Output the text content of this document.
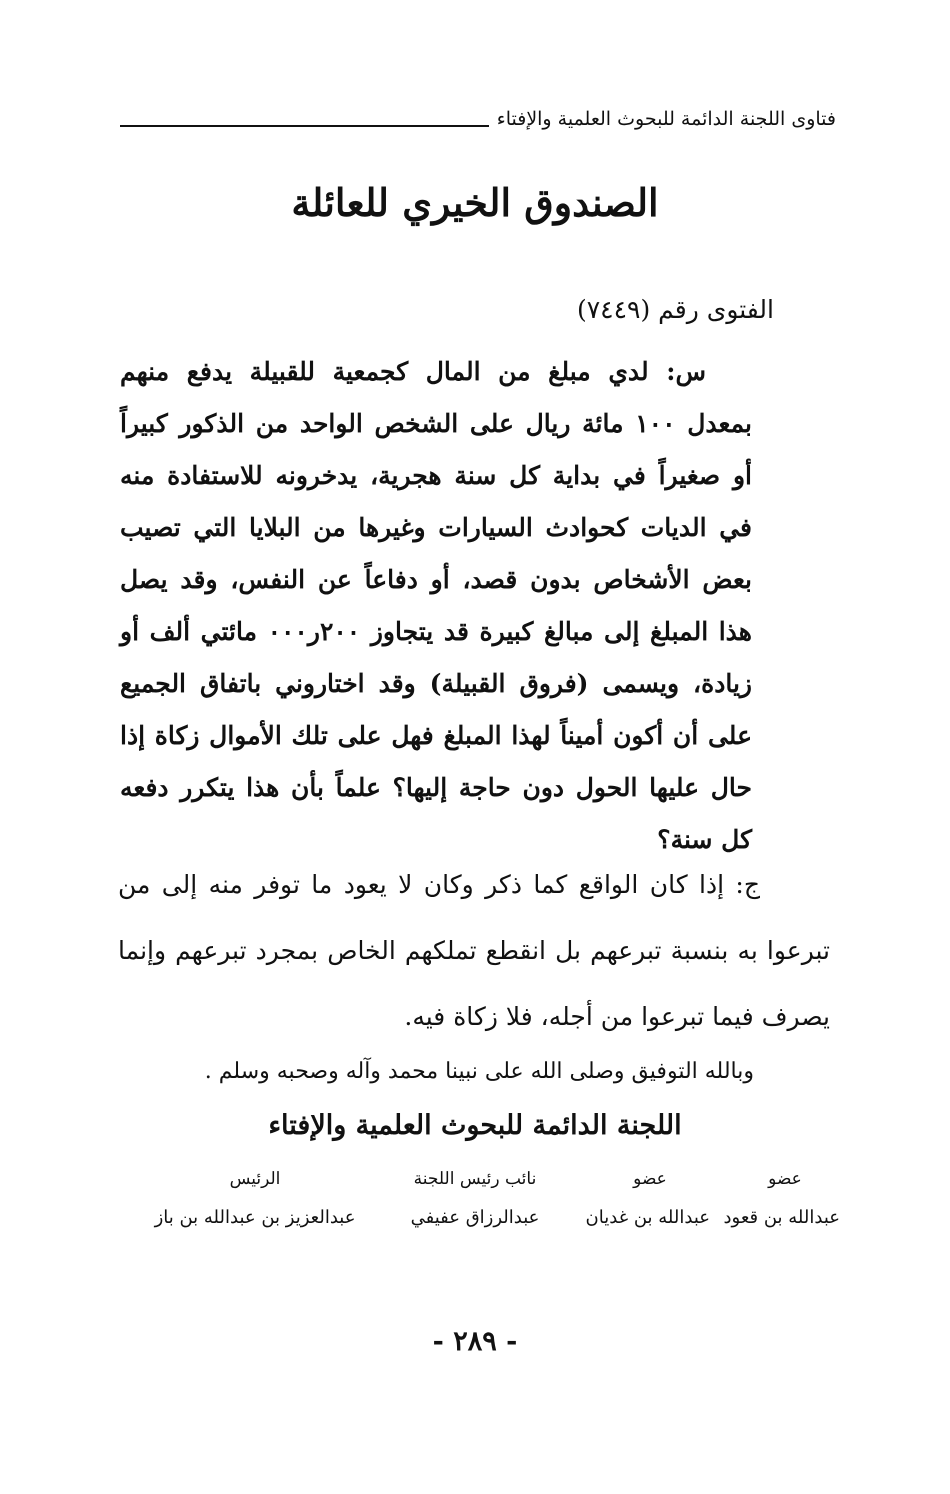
فتاوى اللجنة الدائمة للبحوث العلمية والإفتاء
الصندوق الخيري للعائلة
الفتوى رقم (٧٤٤٩)
س: لدي مبلغ من المال كجمعية للقبيلة يدفع منهم بمعدل ١٠٠ مائة ريال على الشخص الواحد من الذكور كبيراً أو صغيراً في بداية كل سنة هجرية، يدخرونه للاستفادة منه في الديات كحوادث السيارات وغيرها من البلايا التي تصيب بعض الأشخاص بدون قصد، أو دفاعاً عن النفس، وقد يصل هذا المبلغ إلى مبالغ كبيرة قد يتجاوز ٢٠٠ر٠٠٠ مائتي ألف أو زيادة، ويسمى (فروق القبيلة) وقد اختاروني باتفاق الجميع على أن أكون أميناً لهذا المبلغ فهل على تلك الأموال زكاة إذا حال عليها الحول دون حاجة إليها؟ علماً بأن هذا يتكرر دفعه كل سنة؟
ج: إذا كان الواقع كما ذكر وكان لا يعود ما توفر منه إلى من تبرعوا به بنسبة تبرعهم بل انقطع تملكهم الخاص بمجرد تبرعهم وإنما يصرف فيما تبرعوا من أجله، فلا زكاة فيه.
وبالله التوفيق وصلى الله على نبينا محمد وآله وصحبه وسلم .
اللجنة الدائمة للبحوث العلمية والإفتاء
عضو
عبدالله بن قعود
عضو
عبدالله بن غديان
نائب رئيس اللجنة
عبدالرزاق عفيفي
الرئيس
عبدالعزيز بن عبدالله بن باز
- ٢٨٩ -
